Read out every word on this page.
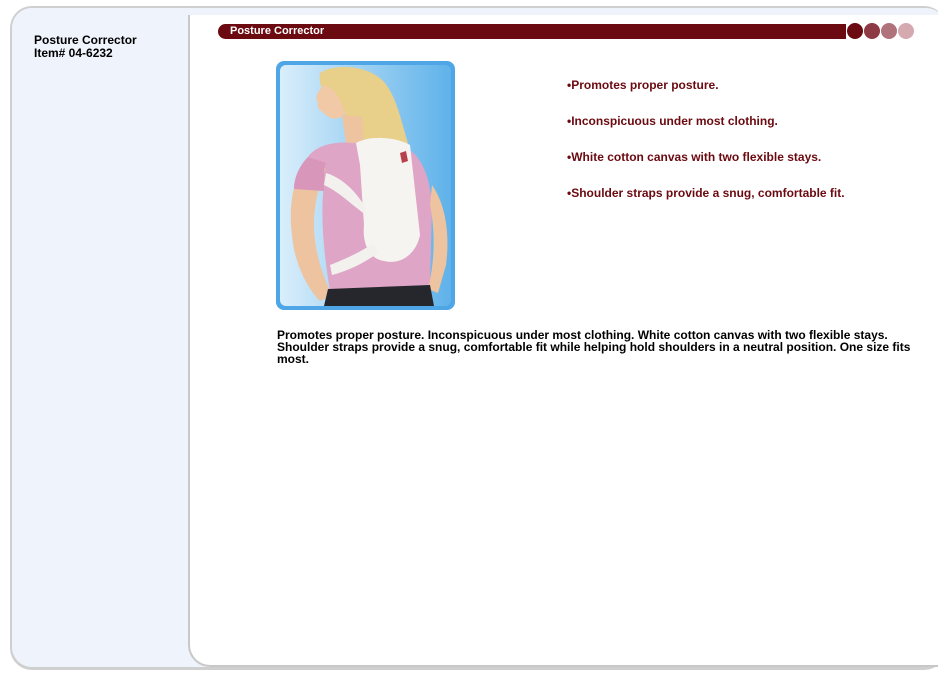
Posture Corrector
Item# 04-6232
Posture Corrector
•Promotes proper posture.
•Inconspicuous under most clothing.
•White cotton canvas with two flexible stays.
•Shoulder straps provide a snug, comfortable fit.
Promotes proper posture. Inconspicuous under most clothing. White cotton canvas with two flexible stays. Shoulder straps provide a snug, comfortable fit while helping hold shoulders in a neutral position. One size fits most.
